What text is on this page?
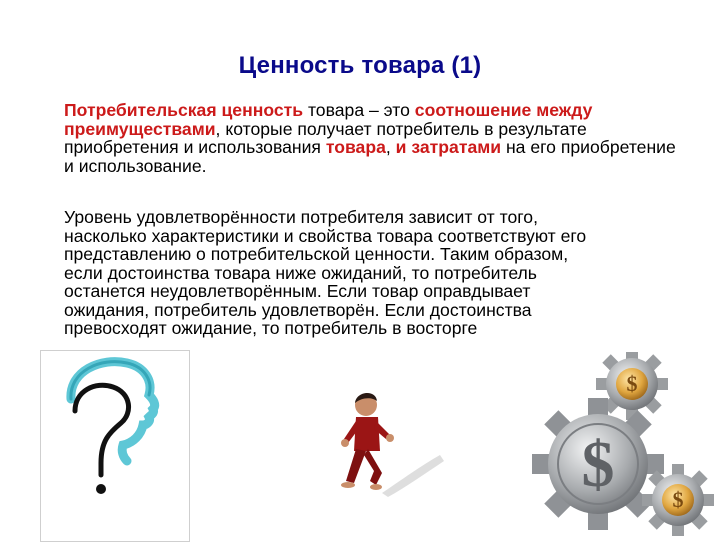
Ценность товара (1)
Потребительская ценность товара – это соотношение между преимуществами, которые получает потребитель в результате приобретения и использования товара, и затратами на его приобретение и использование.
Уровень удовлетворённости потребителя зависит от того,
насколько характеристики и свойства товара соответствуют его
представлению о потребительской ценности. Таким образом,
если достоинства товара ниже ожиданий, то потребитель
останется неудовлетворённым. Если товар оправдывает
ожидания, потребитель удовлетворён. Если достоинства
превосходят ожидание, то потребитель в восторге
$
$	$
